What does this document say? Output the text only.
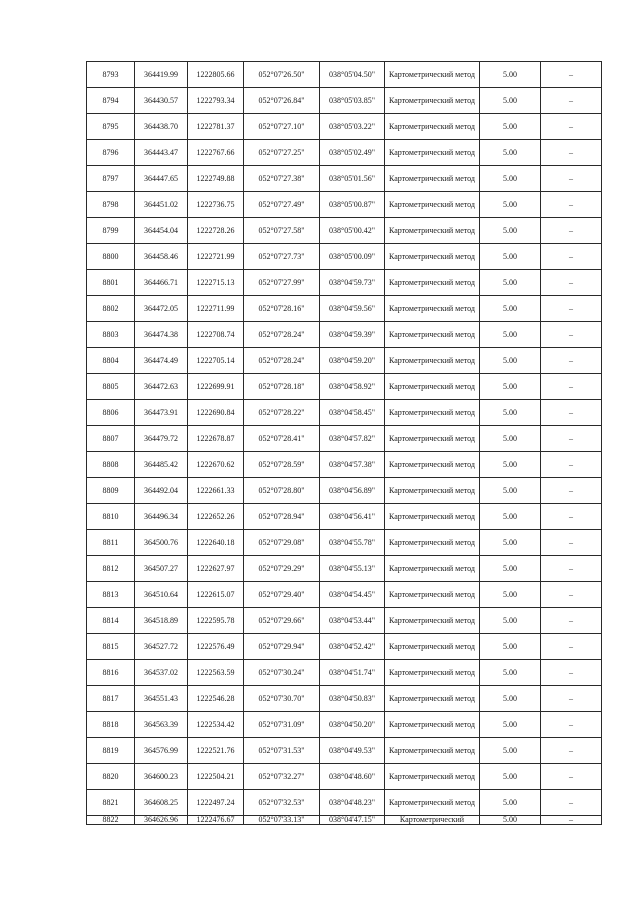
8793	364419.99	1222805.66	052°07'26.50"	038°05'04.50"	Картометрический метод	5.00	–
8794	364430.57	1222793.34	052°07'26.84"	038°05'03.85"	Картометрический метод	5.00	–
8795	364438.70	1222781.37	052°07'27.10"	038°05'03.22"	Картометрический метод	5.00	–
8796	364443.47	1222767.66	052°07'27.25"	038°05'02.49"	Картометрический метод	5.00	–
8797	364447.65	1222749.88	052°07'27.38"	038°05'01.56"	Картометрический метод	5.00	–
8798	364451.02	1222736.75	052°07'27.49"	038°05'00.87"	Картометрический метод	5.00	–
8799	364454.04	1222728.26	052°07'27.58"	038°05'00.42"	Картометрический метод	5.00	–
8800	364458.46	1222721.99	052°07'27.73"	038°05'00.09"	Картометрический метод	5.00	–
8801	364466.71	1222715.13	052°07'27.99"	038°04'59.73"	Картометрический метод	5.00	–
8802	364472.05	1222711.99	052°07'28.16"	038°04'59.56"	Картометрический метод	5.00	–
8803	364474.38	1222708.74	052°07'28.24"	038°04'59.39"	Картометрический метод	5.00	–
8804	364474.49	1222705.14	052°07'28.24"	038°04'59.20"	Картометрический метод	5.00	–
8805	364472.63	1222699.91	052°07'28.18"	038°04'58.92"	Картометрический метод	5.00	–
8806	364473.91	1222690.84	052°07'28.22"	038°04'58.45"	Картометрический метод	5.00	–
8807	364479.72	1222678.87	052°07'28.41"	038°04'57.82"	Картометрический метод	5.00	–
8808	364485.42	1222670.62	052°07'28.59"	038°04'57.38"	Картометрический метод	5.00	–
8809	364492.04	1222661.33	052°07'28.80"	038°04'56.89"	Картометрический метод	5.00	–
8810	364496.34	1222652.26	052°07'28.94"	038°04'56.41"	Картометрический метод	5.00	–
8811	364500.76	1222640.18	052°07'29.08"	038°04'55.78"	Картометрический метод	5.00	–
8812	364507.27	1222627.97	052°07'29.29"	038°04'55.13"	Картометрический метод	5.00	–
8813	364510.64	1222615.07	052°07'29.40"	038°04'54.45"	Картометрический метод	5.00	–
8814	364518.89	1222595.78	052°07'29.66"	038°04'53.44"	Картометрический метод	5.00	–
8815	364527.72	1222576.49	052°07'29.94"	038°04'52.42"	Картометрический метод	5.00	–
8816	364537.02	1222563.59	052°07'30.24"	038°04'51.74"	Картометрический метод	5.00	–
8817	364551.43	1222546.28	052°07'30.70"	038°04'50.83"	Картометрический метод	5.00	–
8818	364563.39	1222534.42	052°07'31.09"	038°04'50.20"	Картометрический метод	5.00	–
8819	364576.99	1222521.76	052°07'31.53"	038°04'49.53"	Картометрический метод	5.00	–
8820	364600.23	1222504.21	052°07'32.27"	038°04'48.60"	Картометрический метод	5.00	–
8821	364608.25	1222497.24	052°07'32.53"	038°04'48.23"	Картометрический метод	5.00	–
8822	364626.96	1222476.67	052°07'33.13"	038°04'47.15"	Картометрический	5.00	–
